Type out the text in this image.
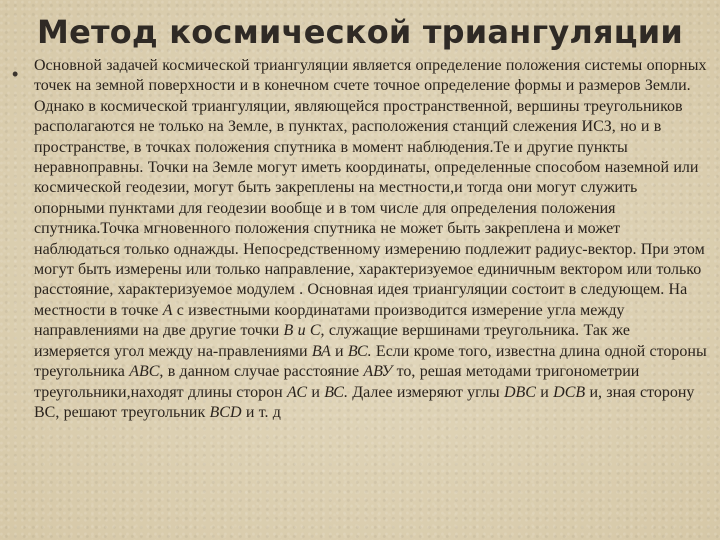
Метод космической триангуляции
• Основной задачей космической триангуляции является определение положения системы опорных точек на земной поверхности и в конечном счете точное определение формы и размеров Земли. Однако в космической триангуляции, являющейся пространственной, вершины треугольников располагаются не только на Земле, в пунктах, расположения станций слежения ИСЗ, но и в пространстве, в точках положения спутника в момент наблюдения.Те и другие пункты неравноправны. Точки на Земле могут иметь координаты, определенные способом наземной или космической геодезии, могут быть закреплены на местности,и тогда они могут служить опорными пунктами для геодезии вообще и в том числе для определения положения спутника.Точка мгновенного положения спутника не может быть закреплена и может наблюдаться только однажды. Непосредственному измерению подлежит радиус-вектор. При этом могут быть измерены или только направление, характеризуемое единичным вектором или только расстояние, характеризуемое модулем . Основная идея триангуляции состоит в следующем. На местности в точке А с известными координатами производится измерение угла между направлениями на две другие точки В и С, служащие вершинами треугольника. Так же измеряется угол между на-правлениями ВА и ВС. Если кроме того, известна длина одной стороны треугольника ABC, в данном случае расстояние АВУ то, решая методами тригонометрии треугольники,находят длины сторон АС и ВС. Далее измеряют углы DBC и DCB и, зная сторону ВС, решают треугольник BCD и т. д
